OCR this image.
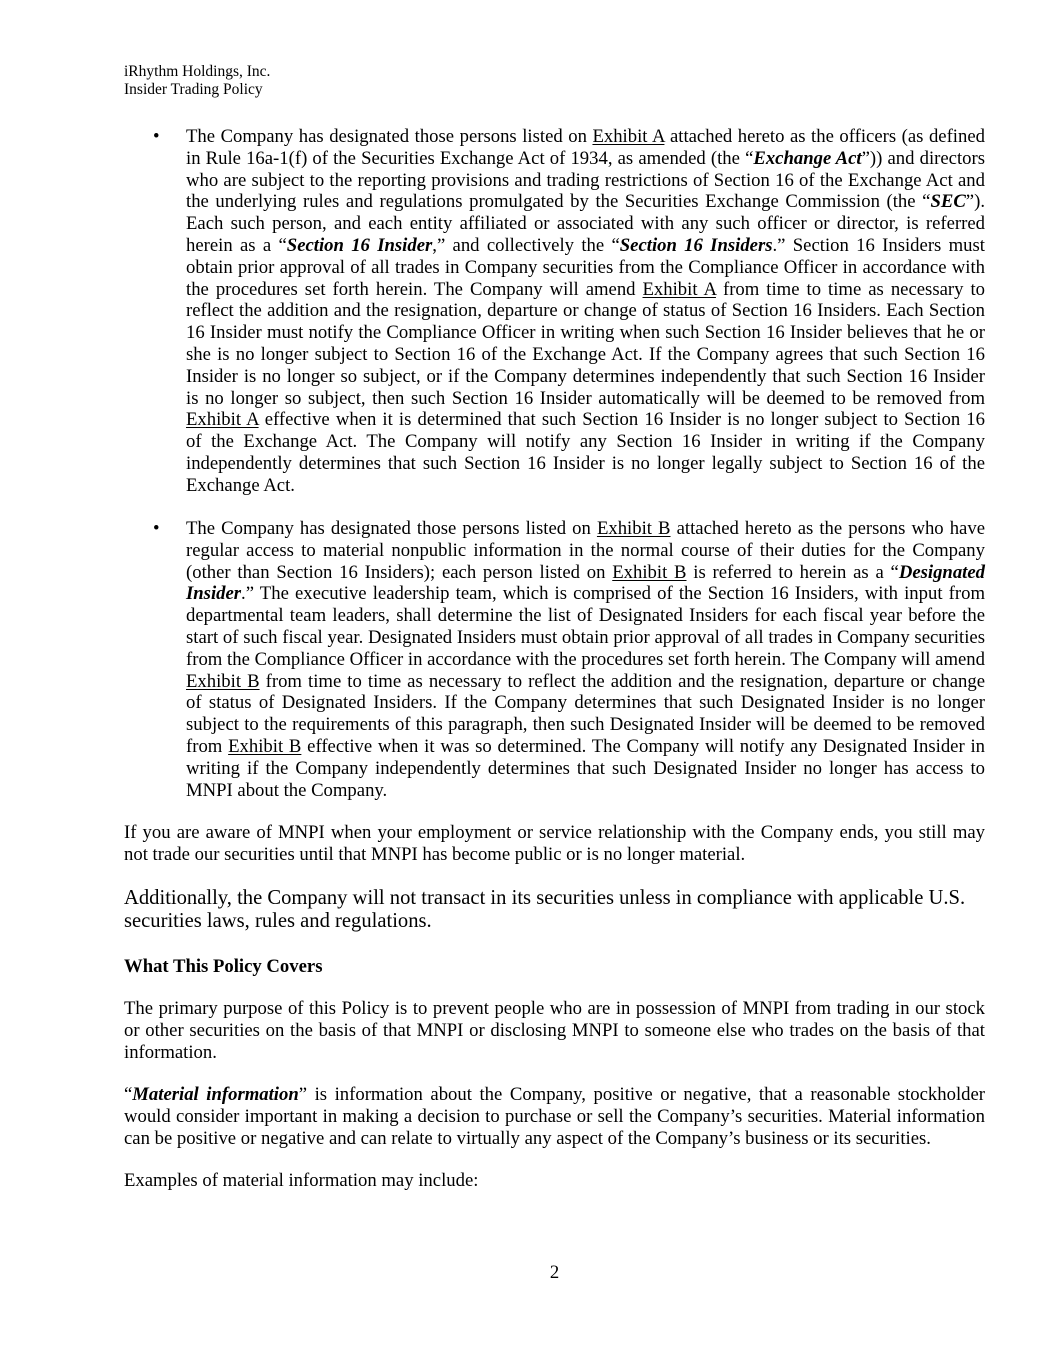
iRhythm Holdings, Inc.
Insider Trading Policy
• The Company has designated those persons listed on Exhibit A attached hereto as the officers (as defined
in Rule 16a-1(f) of the Securities Exchange Act of 1934, as amended (the “Exchange Act”)) and directors
who are subject to the reporting provisions and trading restrictions of Section 16 of the Exchange Act and
the underlying rules and regulations promulgated by the Securities Exchange Commission (the “SEC”).
Each such person, and each entity affiliated or associated with any such officer or director, is referred
herein as a “Section 16 Insider,” and collectively the “Section 16 Insiders.” Section 16 Insiders must
obtain prior approval of all trades in Company securities from the Compliance Officer in accordance with
the procedures set forth herein. The Company will amend Exhibit A from time to time as necessary to
reflect the addition and the resignation, departure or change of status of Section 16 Insiders. Each Section
16 Insider must notify the Compliance Officer in writing when such Section 16 Insider believes that he or
she is no longer subject to Section 16 of the Exchange Act. If the Company agrees that such Section 16
Insider is no longer so subject, or if the Company determines independently that such Section 16 Insider
is no longer so subject, then such Section 16 Insider automatically will be deemed to be removed from
Exhibit A effective when it is determined that such Section 16 Insider is no longer subject to Section 16
of the Exchange Act. The Company will notify any Section 16 Insider in writing if the Company
independently determines that such Section 16 Insider is no longer legally subject to Section 16 of the
Exchange Act.
• The Company has designated those persons listed on Exhibit B attached hereto as the persons who have
regular access to material nonpublic information in the normal course of their duties for the Company
(other than Section 16 Insiders); each person listed on Exhibit B is referred to herein as a “Designated
Insider.” The executive leadership team, which is comprised of the Section 16 Insiders, with input from
departmental team leaders, shall determine the list of Designated Insiders for each fiscal year before the
start of such fiscal year. Designated Insiders must obtain prior approval of all trades in Company securities
from the Compliance Officer in accordance with the procedures set forth herein. The Company will amend
Exhibit B from time to time as necessary to reflect the addition and the resignation, departure or change
of status of Designated Insiders. If the Company determines that such Designated Insider is no longer
subject to the requirements of this paragraph, then such Designated Insider will be deemed to be removed
from Exhibit B effective when it was so determined. The Company will notify any Designated Insider in
writing if the Company independently determines that such Designated Insider no longer has access to
MNPI about the Company.
If you are aware of MNPI when your employment or service relationship with the Company ends, you still may
not trade our securities until that MNPI has become public or is no longer material.
Additionally, the Company will not transact in its securities unless in compliance with applicable U.S.
securities laws, rules and regulations.
What This Policy Covers
The primary purpose of this Policy is to prevent people who are in possession of MNPI from trading in our stock
or other securities on the basis of that MNPI or disclosing MNPI to someone else who trades on the basis of that
information.
“Material information” is information about the Company, positive or negative, that a reasonable stockholder
would consider important in making a decision to purchase or sell the Company’s securities. Material information
can be positive or negative and can relate to virtually any aspect of the Company’s business or its securities.
Examples of material information may include:
2
